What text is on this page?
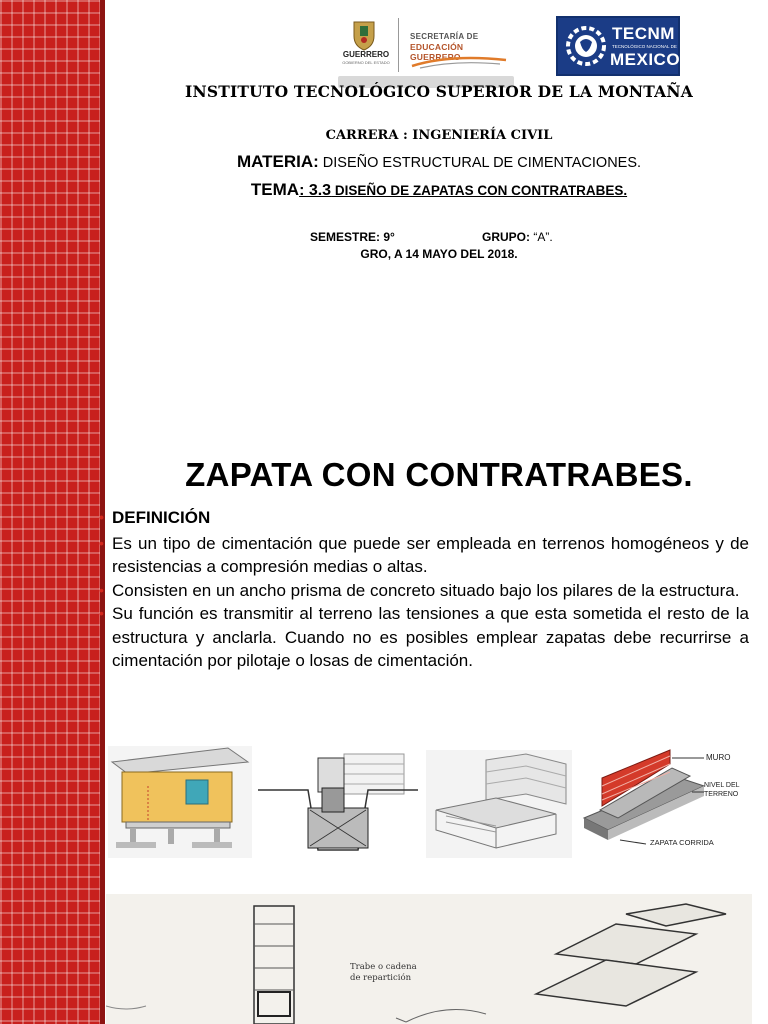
GUERRERO
GOBIERNO DEL ESTADO
SECRETARÍA DE
EDUCACIÓN GUERRERO
TECNM
TECNOLÓGICO NACIONAL DE
MEXICO
INSTITUTO TECNOLÓGICO SUPERIOR DE LA MONTAÑA
CARRERA : INGENIERÍA CIVIL
MATERIA: DISEÑO ESTRUCTURAL DE CIMENTACIONES.
TEMA: 3.3 DISEÑO DE ZAPATAS CON CONTRATRABES.
SEMESTRE: 9°	GRUPO: “A”.
GRO, A 14 MAYO DEL 2018.
ZAPATA CON CONTRATRABES.
• DEFINICIÓN
• Es un tipo de cimentación que puede ser empleada en terrenos homogéneos y de resistencias a compresión medias o altas.
• Consisten en un ancho prisma de concreto situado bajo los pilares de la estructura.
• Su función es transmitir al terreno las tensiones a que esta sometida el resto de la estructura y anclarla. Cuando no es posibles emplear zapatas debe recurrirse a cimentación por pilotaje o losas de cimentación.
MURO
NIVEL DEL
TERRENO
ZAPATA CORRIDA
Trabe o cadena
de repartición
